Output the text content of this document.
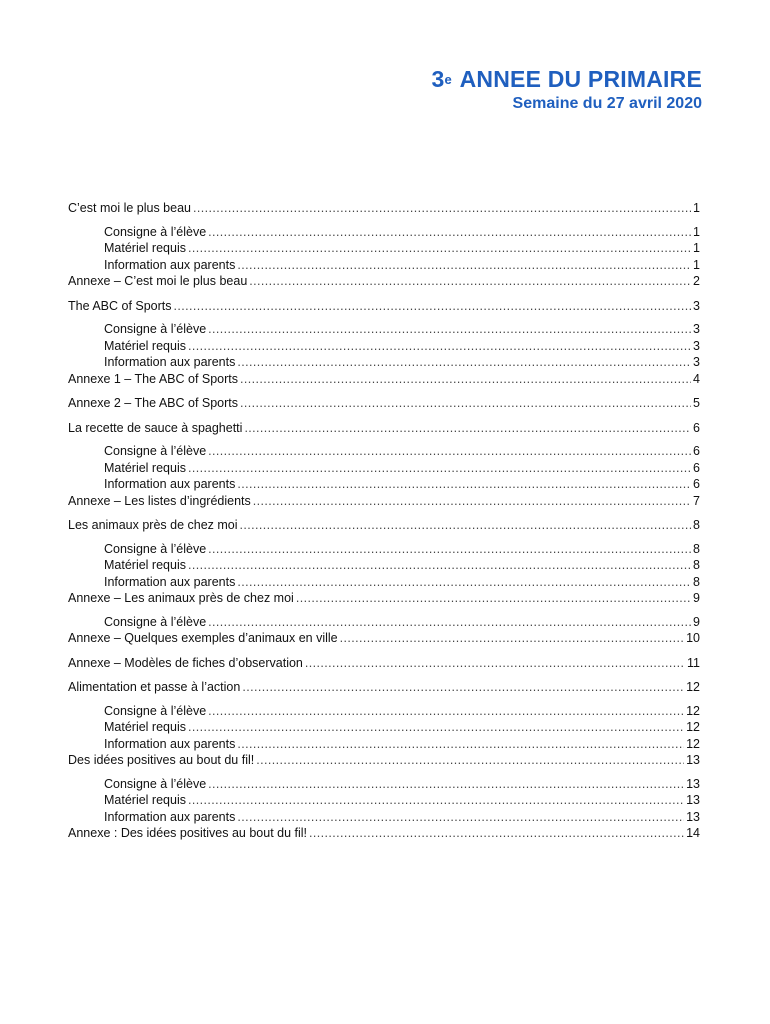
3e ANNEE DU PRIMAIRE
Semaine du 27 avril 2020
C’est moi le plus beau .....	1
Consigne à l’élève .....	1
Matériel requis .....	1
Information aux parents .....	1
Annexe – C’est moi le plus beau .....	2
The ABC of Sports .....	3
Consigne à l’élève .....	3
Matériel requis .....	3
Information aux parents .....	3
Annexe 1 – The ABC of Sports .....	4
Annexe 2 – The ABC of Sports .....	5
La recette de sauce à spaghetti .....	6
Consigne à l’élève .....	6
Matériel requis .....	6
Information aux parents .....	6
Annexe – Les listes d’ingrédients .....	7
Les animaux près de chez moi .....	8
Consigne à l’élève .....	8
Matériel requis .....	8
Information aux parents .....	8
Annexe – Les animaux près de chez moi .....	9
Consigne à l’élève .....	9
Annexe – Quelques exemples d’animaux en ville .....	10
Annexe – Modèles de fiches d’observation .....	11
Alimentation et passe à l’action .....	12
Consigne à l’élève .....	12
Matériel requis .....	12
Information aux parents .....	12
Des idées positives au bout du fil! .....	13
Consigne à l’élève .....	13
Matériel requis .....	13
Information aux parents .....	13
Annexe : Des idées positives au bout du fil! .....	14
